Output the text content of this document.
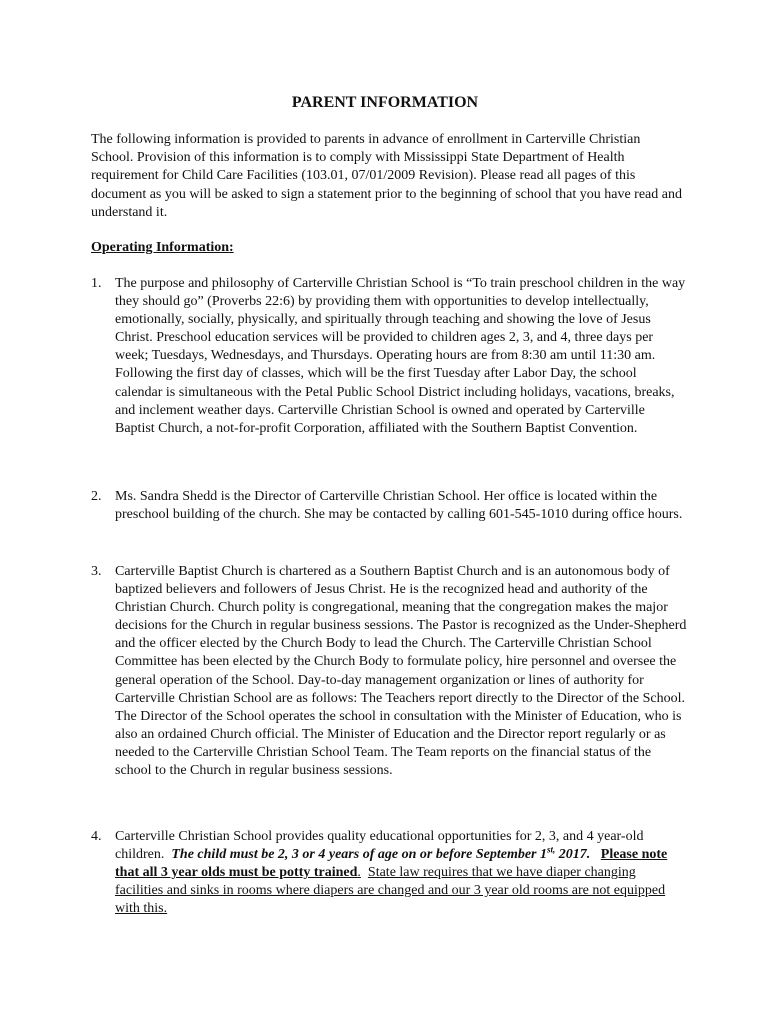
PARENT INFORMATION
The following information is provided to parents in advance of enrollment in Carterville Christian School. Provision of this information is to comply with Mississippi State Department of Health requirement for Child Care Facilities (103.01, 07/01/2009 Revision). Please read all pages of this document as you will be asked to sign a statement prior to the beginning of school that you have read and understand it.
Operating Information:
1. The purpose and philosophy of Carterville Christian School is “To train preschool children in the way they should go” (Proverbs 22:6) by providing them with opportunities to develop intellectually, emotionally, socially, physically, and spiritually through teaching and showing the love of Jesus Christ. Preschool education services will be provided to children ages 2, 3, and 4, three days per week; Tuesdays, Wednesdays, and Thursdays. Operating hours are from 8:30 am until 11:30 am. Following the first day of classes, which will be the first Tuesday after Labor Day, the school calendar is simultaneous with the Petal Public School District including holidays, vacations, breaks, and inclement weather days. Carterville Christian School is owned and operated by Carterville Baptist Church, a not-for-profit Corporation, affiliated with the Southern Baptist Convention.
2. Ms. Sandra Shedd is the Director of Carterville Christian School. Her office is located within the preschool building of the church. She may be contacted by calling 601-545-1010 during office hours.
3. Carterville Baptist Church is chartered as a Southern Baptist Church and is an autonomous body of baptized believers and followers of Jesus Christ. He is the recognized head and authority of the Christian Church. Church polity is congregational, meaning that the congregation makes the major decisions for the Church in regular business sessions. The Pastor is recognized as the Under-Shepherd and the officer elected by the Church Body to lead the Church. The Carterville Christian School Committee has been elected by the Church Body to formulate policy, hire personnel and oversee the general operation of the School. Day-to-day management organization or lines of authority for Carterville Christian School are as follows: The Teachers report directly to the Director of the School. The Director of the School operates the school in consultation with the Minister of Education, who is also an ordained Church official. The Minister of Education and the Director report regularly or as needed to the Carterville Christian School Team. The Team reports on the financial status of the school to the Church in regular business sessions.
4. Carterville Christian School provides quality educational opportunities for 2, 3, and 4 year-old children. The child must be 2, 3 or 4 years of age on or before September $1^{st,}$ 2017. Please note that all 3 year olds must be potty trained. State law requires that we have diaper changing facilities and sinks in rooms where diapers are changed and our 3 year old rooms are not equipped with this.
